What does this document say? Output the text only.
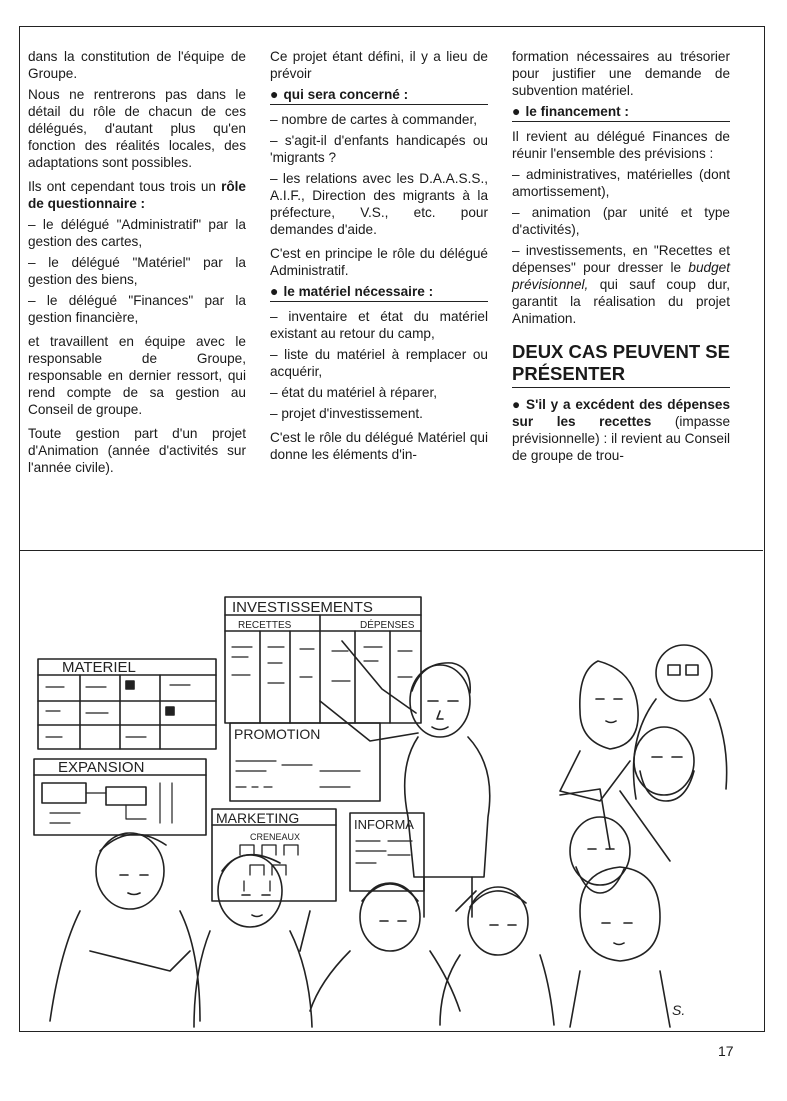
dans la constitution de l'équipe de Groupe.

Nous ne rentrerons pas dans le détail du rôle de chacun de ces délégués, d'autant plus qu'en fonction des réalités locales, des adaptations sont possibles.

Ils ont cependant tous trois un rôle de questionnaire :

– le délégué "Administratif" par la gestion des cartes,

– le délégué "Matériel" par la gestion des biens,

– le délégué "Finances" par la gestion financière,

et travaillent en équipe avec le responsable de Groupe, responsable en dernier ressort, qui rend compte de sa gestion au Conseil de groupe.

Toute gestion part d'un projet d'Animation (année d'activités sur l'année civile).

Ce projet étant défini, il y a lieu de prévoir

● qui sera concerné :

– nombre de cartes à commander,

– s'agit-il d'enfants handicapés ou 'migrants ?

– les relations avec les D.A.A.S.S., A.I.F., Direction des migrants à la préfecture, V.S., etc. pour demandes d'aide.

C'est en principe le rôle du délégué Administratif.

● le matériel nécessaire :

– inventaire et état du matériel existant au retour du camp,

– liste du matériel à remplacer ou acquérir,

– état du matériel à réparer,

– projet d'investissement.

C'est le rôle du délégué Matériel qui donne les éléments d'in-

formation nécessaires au trésorier pour justifier une demande de subvention matériel.

● le financement :

Il revient au délégué Finances de réunir l'ensemble des prévisions :

– administratives, matérielles (dont amortissement),

– animation (par unité et type d'activités),

– investissements, en "Recettes et dépenses" pour dresser le budget prévisionnel, qui sauf coup dur, garantit la réalisation du projet Animation.

DEUX CAS PEUVENT SE PRÉSENTER

● S'il y a excédent des dépenses sur les recettes (impasse prévisionnelle) : il revient au Conseil de groupe de trou-

INVESTISSEMENTS
RECETTES	DÉPENSES
MATERIEL
EXPANSION
PROMOTION
MARKETING
CRENEAUX
INFORMA
S.
17
